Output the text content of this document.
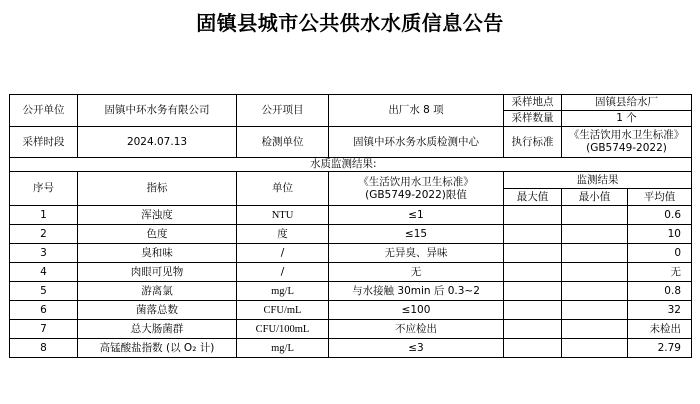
固镇县城市公共供水水质信息公告
公开单位	固镇中环水务有限公司	公开项目	出厂水 8 项	采样地点	固镇县给水厂	
				采样数量	1 个	
采样时段	2024.07.13	检测单位	固镇中环水务水质检测中心	执行标准	《生活饮用水卫生标准》
(GB5749-2022)	

水质监测结果:						
序号	指标	单位	《生活饮用水卫生标准》
(GB5749-2022)限值	监测结果		
				最大值	最小值	平均值
1	浑浊度	NTU	≤1			0.6
2	色度	度	≤15			10
3	臭和味	/	无异臭、异味			0
4	肉眼可见物	/	无			无
5	游离氯	mg/L	与水接触 30min 后 0.3~2			0.8
6	菌落总数	CFU/mL	≤100			32
7	总大肠菌群	CFU/100mL	不应检出			未检出
8	高锰酸盐指数 (以 O₂ 计)	mg/L	≤3			2.79
